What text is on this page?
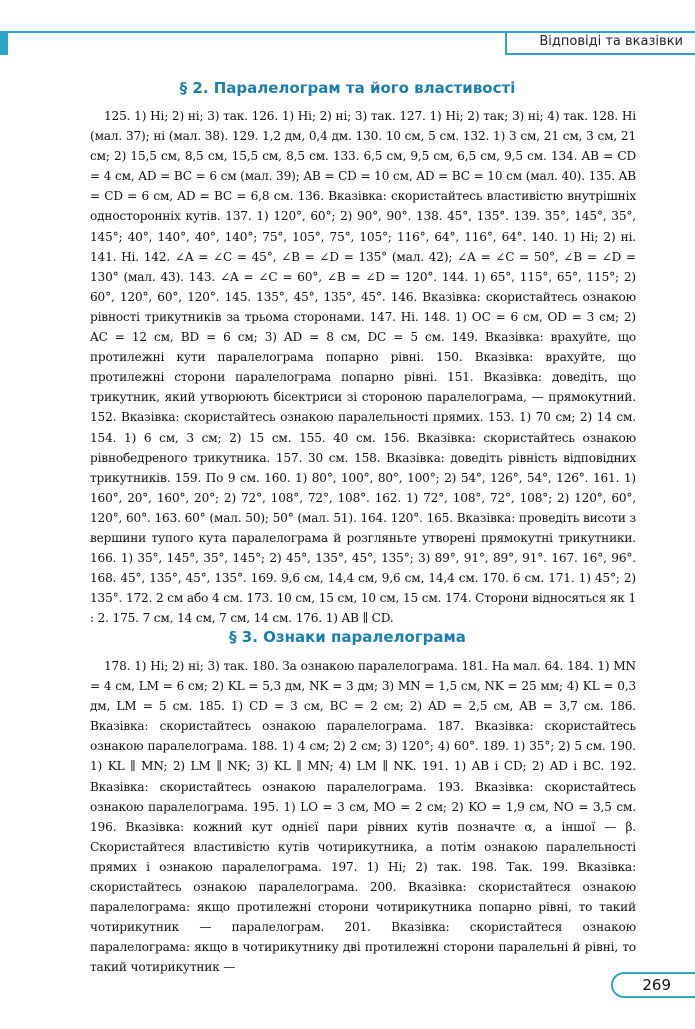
Відповіді та вказівки
§ 2. Паралелограм та його властивості

125. 1) Ні; 2) ні; 3) так. 126. 1) Ні; 2) ні; 3) так. 127. 1) Ні; 2) так; 3) ні; 4) так. 128. Ні (мал. 37); ні (мал. 38). 129. 1,2 дм, 0,4 дм. 130. 10 см, 5 см. 132. 1) 3 см, 21 см, 3 см, 21 см; 2) 15,5 см, 8,5 см, 15,5 см, 8,5 см. 133. 6,5 см, 9,5 см, 6,5 см, 9,5 см. 134. AB = CD = 4 см, AD = BC = 6 см (мал. 39); AB = CD = 10 см, AD = BC = 10 см (мал. 40). 135. AB = CD = 6 см, AD = BC = 6,8 см. 136. Вказівка: скористайтесь властивістю внутрішніх односторонніх кутів. 137. 1) 120°, 60°; 2) 90°, 90°. 138. 45°, 135°. 139. 35°, 145°, 35°, 145°; 40°, 140°, 40°, 140°; 75°, 105°, 75°, 105°; 116°, 64°, 116°, 64°. 140. 1) Ні; 2) ні. 141. Ні. 142. ∠A = ∠C = 45°, ∠B = ∠D = 135° (мал. 42); ∠A = ∠C = 50°, ∠B = ∠D = 130° (мал. 43). 143. ∠A = ∠C = 60°, ∠B = ∠D = 120°. 144. 1) 65°, 115°, 65°, 115°; 2) 60°, 120°, 60°, 120°. 145. 135°, 45°, 135°, 45°. 146. Вказівка: скористайтесь ознакою рівності трикутників за трьома сторонами. 147. Ні. 148. 1) OC = 6 см, OD = 3 см; 2) AC = 12 см, BD = 6 см; 3) AD = 8 см, DC = 5 см. 149. Вказівка: врахуйте, що протилежні кути паралелограма попарно рівні. 150. Вказівка: врахуйте, що протилежні сторони паралелограма попарно рівні. 151. Вказівка: доведіть, що трикутник, який утворюють бісектриси зі стороною паралелограма, — прямокутний. 152. Вказівка: скористайтесь ознакою паралельності прямих. 153. 1) 70 см; 2) 14 см. 154. 1) 6 см, 3 см; 2) 15 см. 155. 40 см. 156. Вказівка: скористайтесь ознакою рівнобедреного трикутника. 157. 30 см. 158. Вказівка: доведіть рівність відповідних трикутників. 159. По 9 см. 160. 1) 80°, 100°, 80°, 100°; 2) 54°, 126°, 54°, 126°. 161. 1) 160°, 20°, 160°, 20°; 2) 72°, 108°, 72°, 108°. 162. 1) 72°, 108°, 72°, 108°; 2) 120°, 60°, 120°, 60°. 163. 60° (мал. 50); 50° (мал. 51). 164. 120°. 165. Вказівка: проведіть висоти з вершини тупого кута паралелограма й розгляньте утворені прямокутні трикутники. 166. 1) 35°, 145°, 35°, 145°; 2) 45°, 135°, 45°, 135°; 3) 89°, 91°, 89°, 91°. 167. 16°, 96°. 168. 45°, 135°, 45°, 135°. 169. 9,6 см, 14,4 см, 9,6 см, 14,4 см. 170. 6 см. 171. 1) 45°; 2) 135°. 172. 2 см або 4 см. 173. 10 см, 15 см, 10 см, 15 см. 174. Сторони відносяться як 1 : 2. 175. 7 см, 14 см, 7 см, 14 см. 176. 1) AB ∥ CD.

§ 3. Ознаки паралелограма

178. 1) Ні; 2) ні; 3) так. 180. За ознакою паралелограма. 181. На мал. 64. 184. 1) MN = 4 см, LM = 6 см; 2) KL = 5,3 дм, NK = 3 дм; 3) MN = 1,5 см, NK = 25 мм; 4) KL = 0,3 дм, LM = 5 см. 185. 1) CD = 3 см, BC = 2 см; 2) AD = 2,5 см, AB = 3,7 см. 186. Вказівка: скористайтесь ознакою паралелограма. 187. Вказівка: скористайтесь ознакою паралелограма. 188. 1) 4 см; 2) 2 см; 3) 120°; 4) 60°. 189. 1) 35°; 2) 5 см. 190. 1) KL ∥ MN; 2) LM ∥ NK; 3) KL ∥ MN; 4) LM ∥ NK. 191. 1) AB і CD; 2) AD і BC. 192. Вказівка: скористайтесь ознакою паралелограма. 193. Вказівка: скористайтесь ознакою паралелограма. 195. 1) LO = 3 см, MO = 2 см; 2) KO = 1,9 см, NO = 3,5 см. 196. Вказівка: кожний кут однієї пари рівних кутів позначте α, а іншої — β. Скористайтеся властивістю кутів чотирикутника, а потім ознакою паралельності прямих і ознакою паралелограма. 197. 1) Ні; 2) так. 198. Так. 199. Вказівка: скористайтесь ознакою паралелограма. 200. Вказівка: скористайтеся ознакою паралелограма: якщо протилежні сторони чотирикутника попарно рівні, то такий чотирикутник — паралелограм. 201. Вказівка: скористайтеся ознакою паралелограма: якщо в чотирикутнику дві протилежні сторони паралельні й рівні, то такий чотирикутник —

269
